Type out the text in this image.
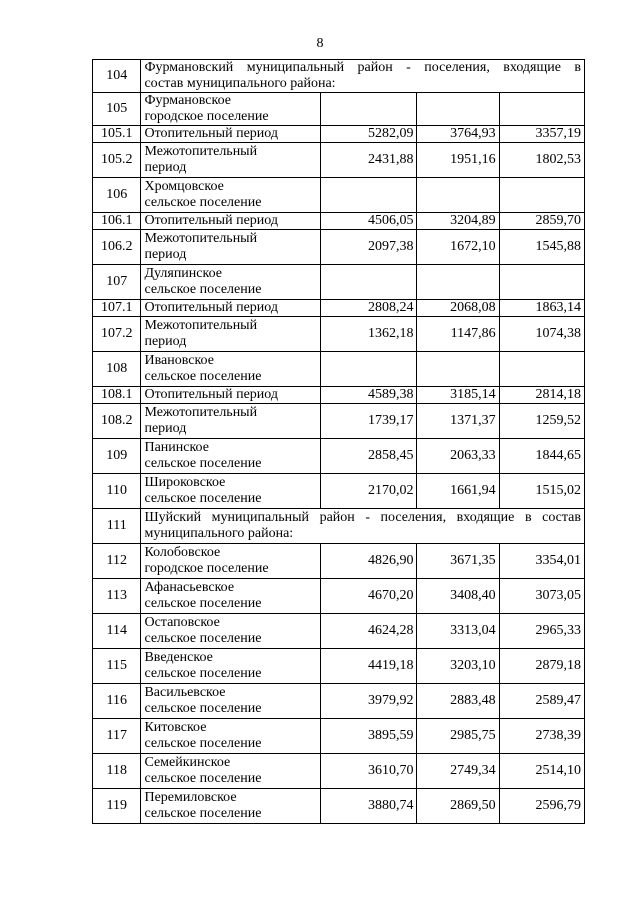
8
104	Фурмановский муниципальный район - поселения, входящие в
состав муниципального района:			

105	Фурмановское
городское поселение			

105.1	Отопительный период	5282,09	3764,93	3357,19
105.2	Межотопительный
период	2431,88	1951,16	1802,53
106	Хромцовское
сельское поселение			

106.1	Отопительный период	4506,05	3204,89	2859,70
106.2	Межотопительный
период	2097,38	1672,10	1545,88
107	Дуляпинское
сельское поселение			

107.1	Отопительный период	2808,24	2068,08	1863,14
107.2	Межотопительный
период	1362,18	1147,86	1074,38
108	Ивановское
сельское поселение			

108.1	Отопительный период	4589,38	3185,14	2814,18
108.2	Межотопительный
период	1739,17	1371,37	1259,52
109	Панинское
сельское поселение	2858,45	2063,33	1844,65
110	Широковское
сельское поселение	2170,02	1661,94	1515,02
111	Шуйский муниципальный район - поселения, входящие в состав
муниципального района:			

112	Колобовское
городское поселение	4826,90	3671,35	3354,01
113	Афанасьевское
сельское поселение	4670,20	3408,40	3073,05
114	Остаповское
сельское поселение	4624,28	3313,04	2965,33
115	Введенское
сельское поселение	4419,18	3203,10	2879,18
116	Васильевское
сельское поселение	3979,92	2883,48	2589,47
117	Китовское
сельское поселение	3895,59	2985,75	2738,39
118	Семейкинское
сельское поселение	3610,70	2749,34	2514,10
119	Перемиловское
сельское поселение	3880,74	2869,50	2596,79
